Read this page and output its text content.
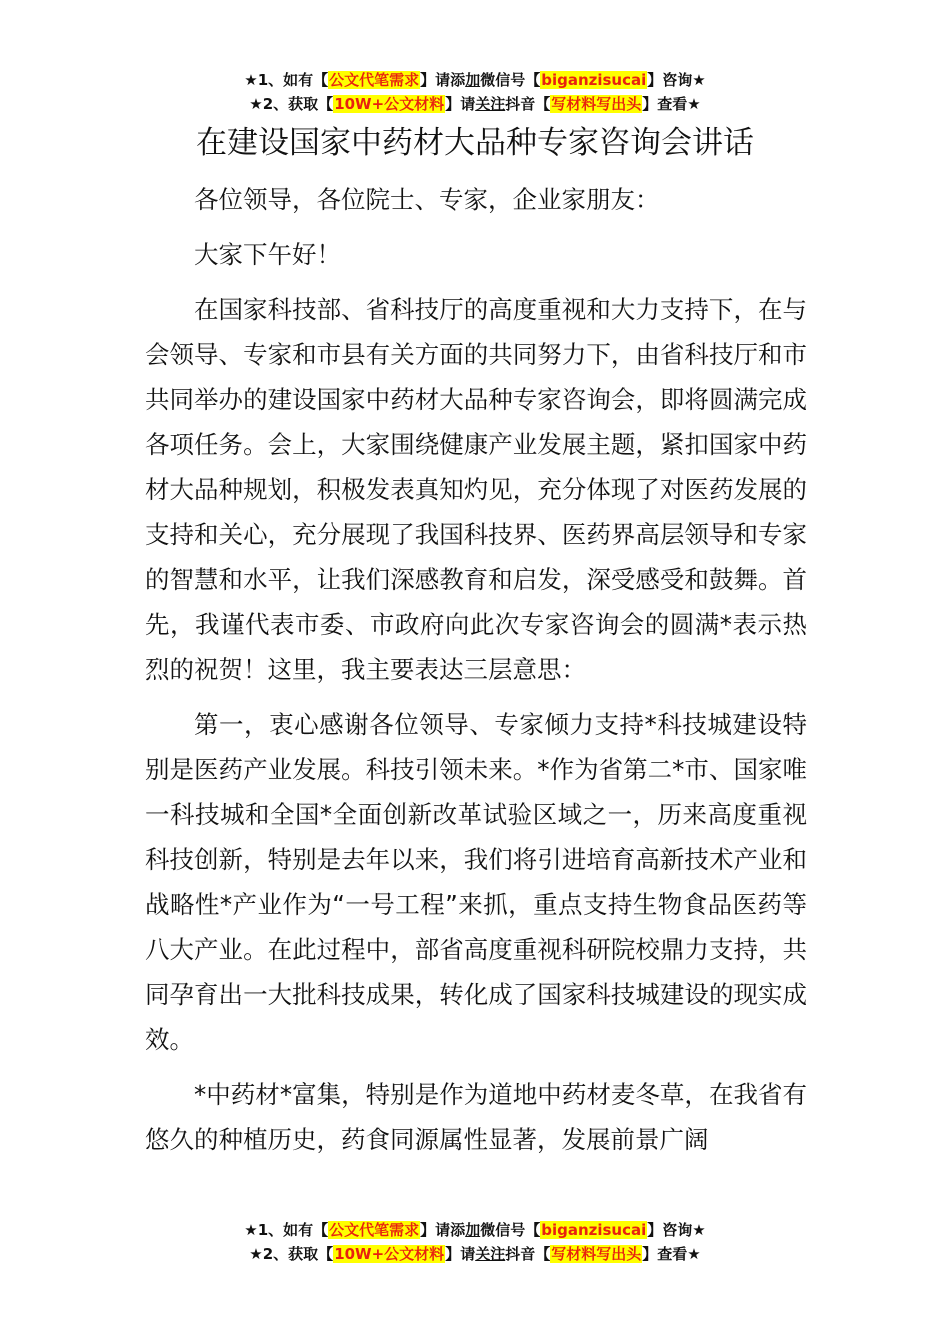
★1、如有【公文代笔需求】请添加微信号【biganzisucai】咨询★
★2、获取【10W+公文材料】请关注抖音【写材料写出头】查看★
在建设国家中药材大品种专家咨询会讲话

各位领导，各位院士、专家，企业家朋友：

大家下午好！

在国家科技部、省科技厅的高度重视和大力支持下，在与会领导、专家和市县有关方面的共同努力下，由省科技厅和市共同举办的建设国家中药材大品种专家咨询会，即将圆满完成各项任务。会上，大家围绕健康产业发展主题，紧扣国家中药材大品种规划，积极发表真知灼见，充分体现了对医药发展的支持和关心，充分展现了我国科技界、医药界高层领导和专家的智慧和水平，让我们深感教育和启发，深受感受和鼓舞。首先，我谨代表市委、市政府向此次专家咨询会的圆满*表示热烈的祝贺！这里，我主要表达三层意思：

第一，衷心感谢各位领导、专家倾力支持*科技城建设特别是医药产业发展。科技引领未来。*作为省第二*市、国家唯一科技城和全国*全面创新改革试验区域之一，历来高度重视科技创新，特别是去年以来，我们将引进培育高新技术产业和战略性*产业作为“一号工程”来抓，重点支持生物食品医药等八大产业。在此过程中，部省高度重视科研院校鼎力支持，共同孕育出一大批科技成果，转化成了国家科技城建设的现实成效。

*中药材*富集，特别是作为道地中药材麦冬草，在我省有悠久的种植历史，药食同源属性显著，发展前景广阔

★1、如有【公文代笔需求】请添加微信号【biganzisucai】咨询★
★2、获取【10W+公文材料】请关注抖音【写材料写出头】查看★
